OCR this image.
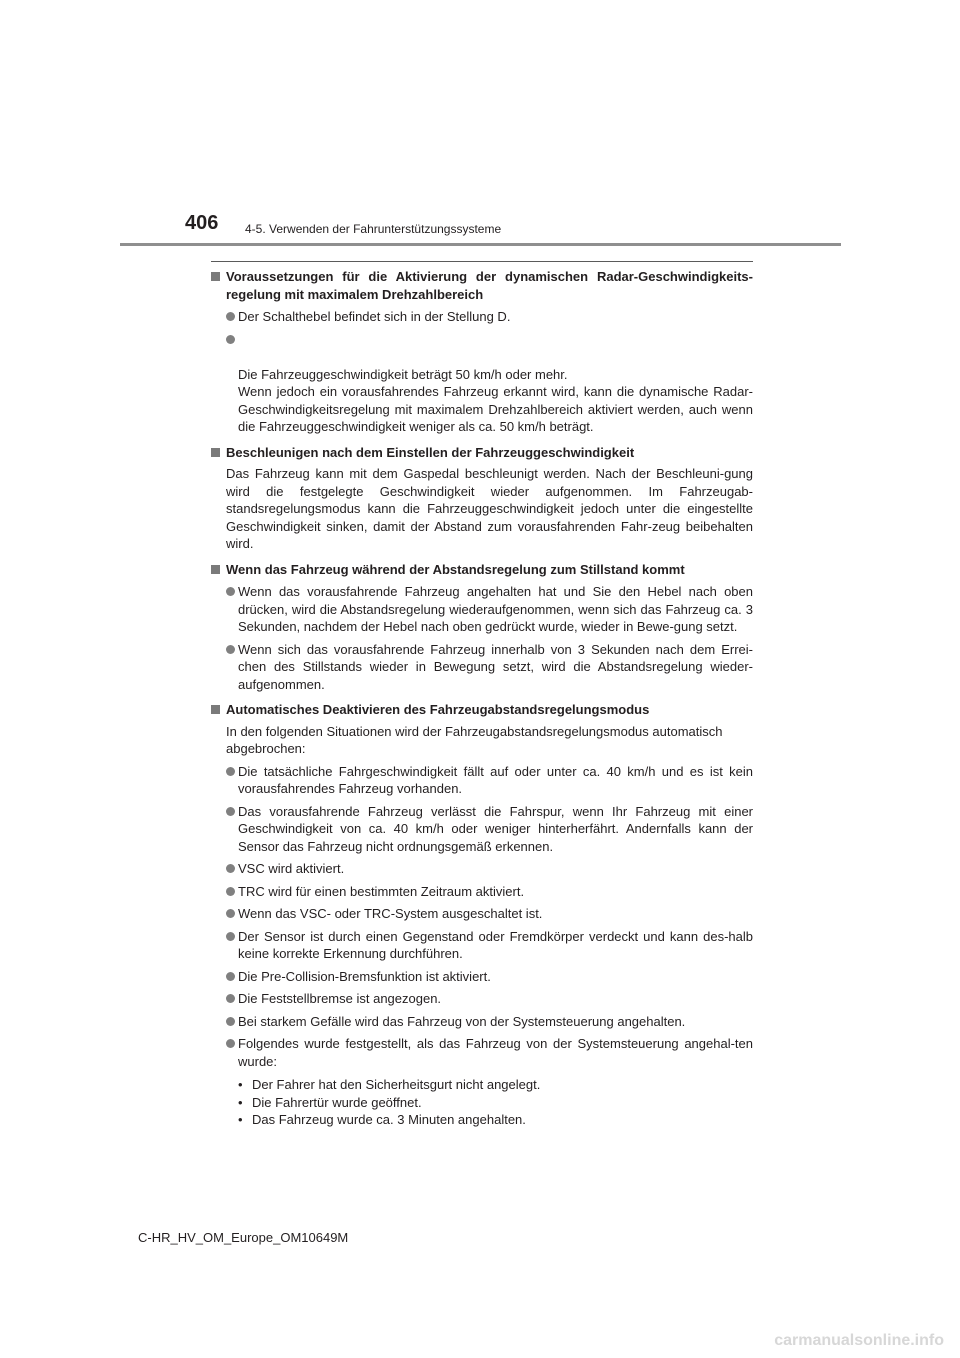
406 4-5. Verwenden der Fahrunterstützungssysteme
Voraussetzungen für die Aktivierung der dynamischen Radar-Geschwindigkeits-regelung mit maximalem Drehzahlbereich
Der Schalthebel befindet sich in der Stellung D.

Die Fahrzeuggeschwindigkeit beträgt 50 km/h oder mehr.
Wenn jedoch ein vorausfahrendes Fahrzeug erkannt wird, kann die dynamische Radar-Geschwindigkeitsregelung mit maximalem Drehzahlbereich aktiviert werden, auch wenn die Fahrzeuggeschwindigkeit weniger als ca. 50 km/h beträgt.

Beschleunigen nach dem Einstellen der Fahrzeuggeschwindigkeit
Das Fahrzeug kann mit dem Gaspedal beschleunigt werden. Nach der Beschleuni-gung wird die festgelegte Geschwindigkeit wieder aufgenommen. Im Fahrzeugab-standsregelungsmodus kann die Fahrzeuggeschwindigkeit jedoch unter die eingestellte Geschwindigkeit sinken, damit der Abstand zum vorausfahrenden Fahr-zeug beibehalten wird.
Wenn das Fahrzeug während der Abstandsregelung zum Stillstand kommt
Wenn das vorausfahrende Fahrzeug angehalten hat und Sie den Hebel nach oben drücken, wird die Abstandsregelung wiederaufgenommen, wenn sich das Fahrzeug ca. 3 Sekunden, nachdem der Hebel nach oben gedrückt wurde, wieder in Bewe-gung setzt.
Wenn sich das vorausfahrende Fahrzeug innerhalb von 3 Sekunden nach dem Errei-chen des Stillstands wieder in Bewegung setzt, wird die Abstandsregelung wieder-aufgenommen.
Automatisches Deaktivieren des Fahrzeugabstandsregelungsmodus
In den folgenden Situationen wird der Fahrzeugabstandsregelungsmodus automatisch abgebrochen:
Die tatsächliche Fahrgeschwindigkeit fällt auf oder unter ca. 40 km/h und es ist kein vorausfahrendes Fahrzeug vorhanden.
Das vorausfahrende Fahrzeug verlässt die Fahrspur, wenn Ihr Fahrzeug mit einer Geschwindigkeit von ca. 40 km/h oder weniger hinterherfährt. Andernfalls kann der Sensor das Fahrzeug nicht ordnungsgemäß erkennen.
VSC wird aktiviert.
TRC wird für einen bestimmten Zeitraum aktiviert.
Wenn das VSC- oder TRC-System ausgeschaltet ist.
Der Sensor ist durch einen Gegenstand oder Fremdkörper verdeckt und kann des-halb keine korrekte Erkennung durchführen.
Die Pre-Collision-Bremsfunktion ist aktiviert.
Die Feststellbremse ist angezogen.
Bei starkem Gefälle wird das Fahrzeug von der Systemsteuerung angehalten.
Folgendes wurde festgestellt, als das Fahrzeug von der Systemsteuerung angehal-ten wurde:
• Der Fahrer hat den Sicherheitsgurt nicht angelegt.
• Die Fahrertür wurde geöffnet.
• Das Fahrzeug wurde ca. 3 Minuten angehalten.
C-HR_HV_OM_Europe_OM10649M
carmanualsonline.info
